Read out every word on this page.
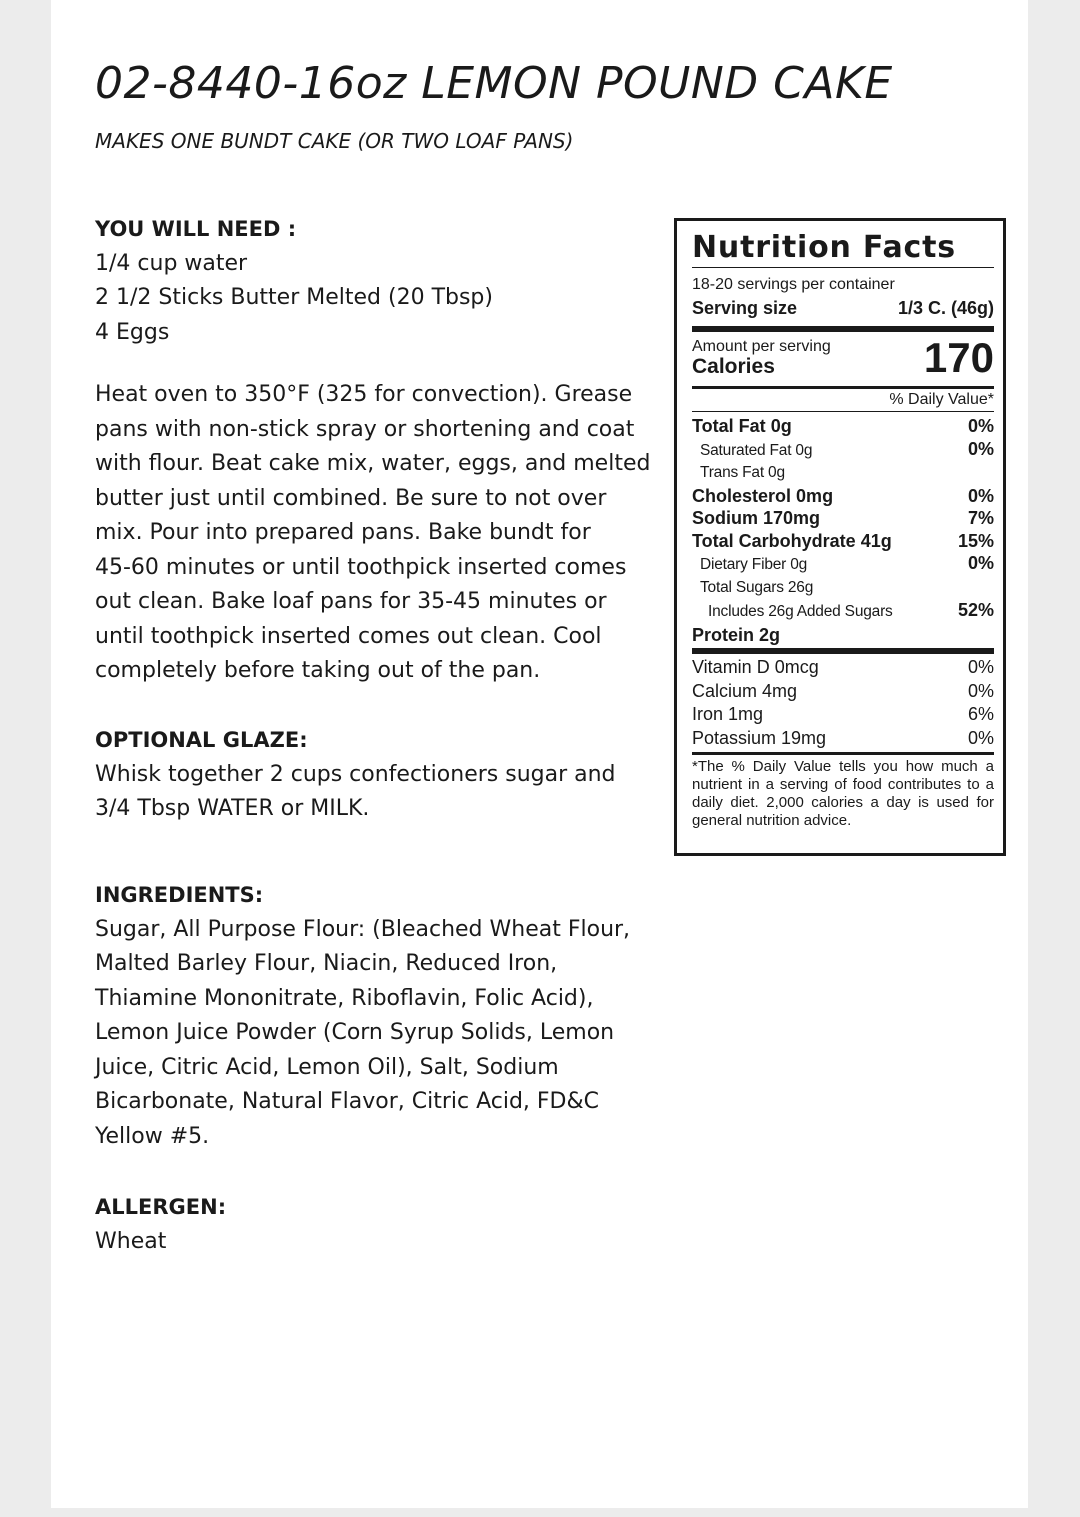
02-8440-16oz LEMON POUND CAKE

MAKES ONE BUNDT CAKE (OR TWO LOAF PANS)

YOU WILL NEED :

1/4 cup water

2 1/2 Sticks Butter Melted (20 Tbsp)

4 Eggs

Heat oven to 350°F (325 for convection). Grease

pans with non-stick spray or shortening and coat

with flour. Beat cake mix, water, eggs, and melted

butter just until combined. Be sure to not over

mix. Pour into prepared pans. Bake bundt for

45-60 minutes or until toothpick inserted comes

out clean. Bake loaf pans for 35-45 minutes or

until toothpick inserted comes out clean. Cool

completely before taking out of the pan.

OPTIONAL GLAZE:

Whisk together 2 cups confectioners sugar and

3/4 Tbsp WATER or MILK.

INGREDIENTS:

Sugar, All Purpose Flour: (Bleached Wheat Flour,

Malted Barley Flour, Niacin, Reduced Iron,

Thiamine Mononitrate, Riboflavin, Folic Acid),

Lemon Juice Powder (Corn Syrup Solids, Lemon

Juice, Citric Acid, Lemon Oil), Salt, Sodium

Bicarbonate, Natural Flavor, Citric Acid, FD&C

Yellow #5.

ALLERGEN:

Wheat

Nutrition Facts
18-20 servings per container
Serving size	1/3 C. (46g)
Amount per serving
Calories	170
% Daily Value*
Total Fat 0g	0%
Saturated Fat 0g	0%
Trans Fat 0g
Cholesterol 0mg	0%
Sodium 170mg	7%
Total Carbohydrate 41g	15%
Dietary Fiber 0g	0%
Total Sugars 26g
Includes 26g Added Sugars	52%
Protein 2g
Vitamin D 0mcg	0%
Calcium 4mg	0%
Iron 1mg	6%
Potassium 19mg	0%
*The % Daily Value tells you how much a nutrient in a serving of food contributes to a daily diet. 2,000 calories a day is used for general nutrition advice.
